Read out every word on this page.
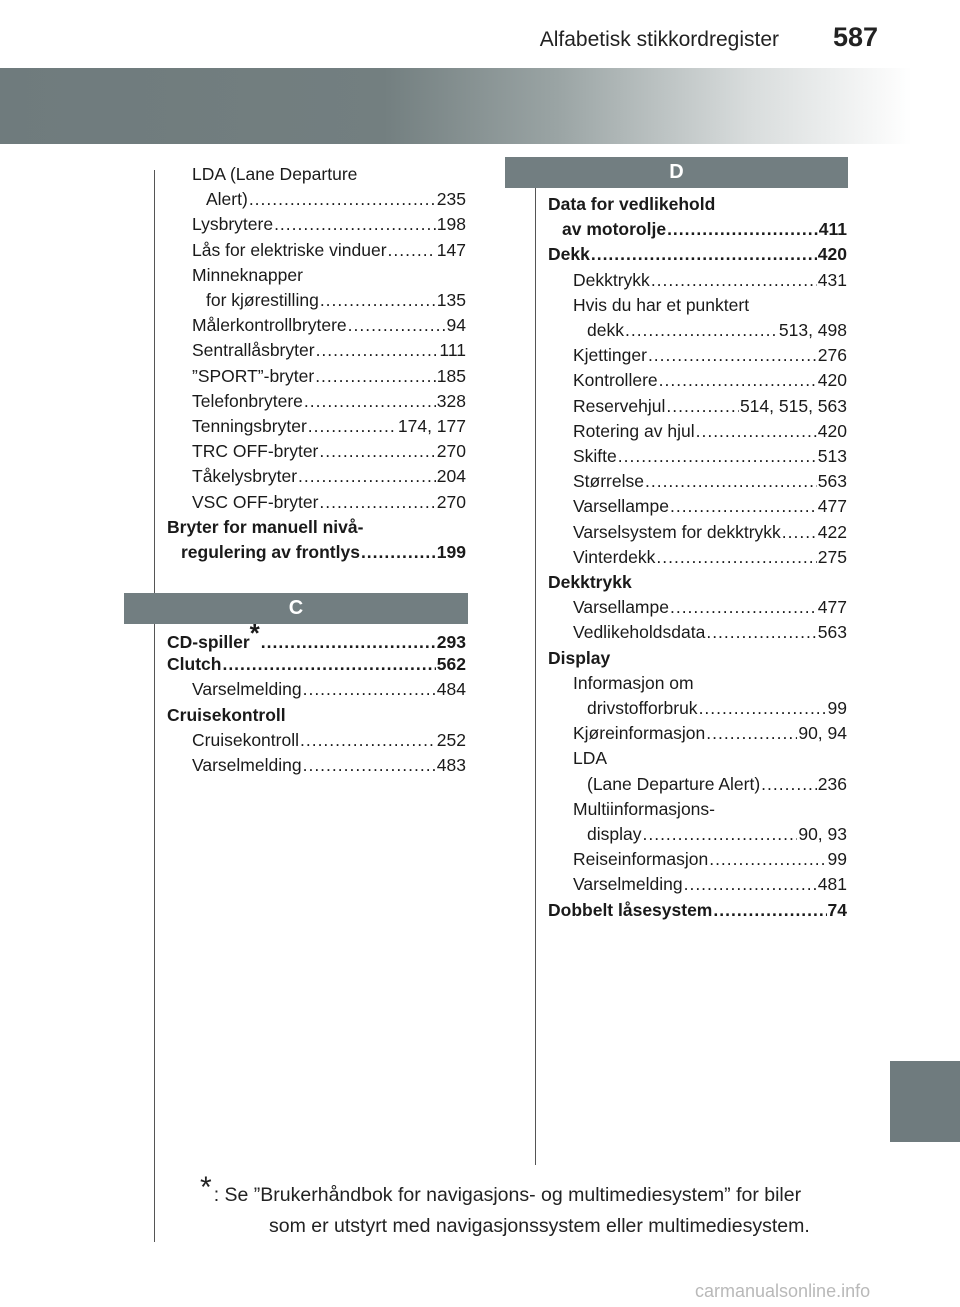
Alfabetisk stikkordregister 587
LDA (Lane Departure
Alert) .....	235
Lysbrytere .....	198
Lås for elektriske vinduer .....	147
Minneknapper
for kjørestilling .....	135
Målerkontrollbrytere .....	94
Sentrallåsbryter .....	111
”SPORT”-bryter .....	185
Telefonbrytere .....	328
Tenningsbryter .....	174, 177
TRC OFF-bryter .....	270
Tåkelysbryter .....	204
VSC OFF-bryter .....	270
Bryter for manuell nivå-
regulering av frontlys .....	199
C
CD-spiller * .....	293
Clutch .....	562
Varselmelding .....	484
Cruisekontroll
Cruisekontroll .....	252
Varselmelding .....	483
D
Data for vedlikehold
av motorolje .....	411
Dekk .....	420
Dekktrykk .....	431
Hvis du har et punktert
dekk .....	513, 498
Kjettinger .....	276
Kontrollere .....	420
Reservehjul .....	514, 515, 563
Rotering av hjul .....	420
Skifte .....	513
Størrelse .....	563
Varsellampe .....	477
Varselsystem for dekktrykk ..... 422
Vinterdekk .....	275
Dekktrykk
Varsellampe .....	477
Vedlikeholdsdata .....	563
Display
Informasjon om
drivstofforbruk .....	99
Kjøreinformasjon .....	90, 94
LDA
(Lane Departure Alert) .....	236
Multiinformasjons-
display .....	90, 93
Reiseinformasjon .....	99
Varselmelding .....	481
Dobbelt låsesystem .....	74
* : Se ”Brukerhåndbok for navigasjons- og multimediesystem” for biler
som er utstyrt med navigasjonssystem eller multimediesystem.
carmanualsonline.info
